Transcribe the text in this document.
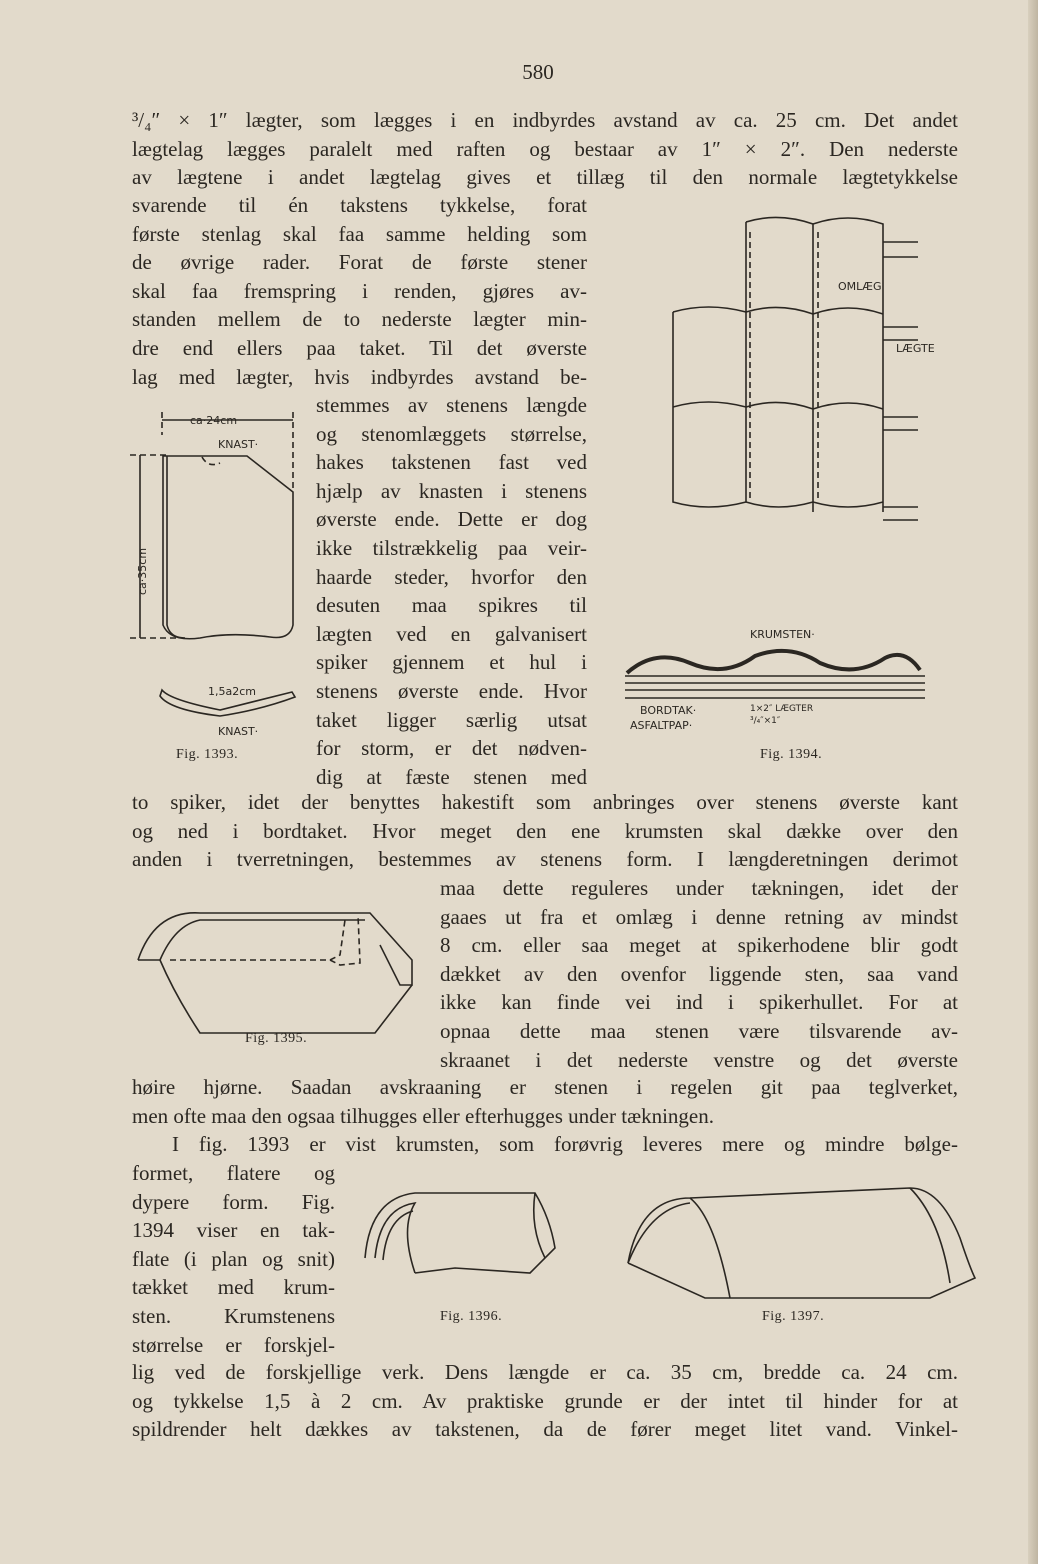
580
³/₄″ × 1″ lægter, som lægges i en indbyrdes avstand av ca. 25 cm. Det andet
lægtelag lægges paralelt med raften og bestaar av 1″ × 2″. Den nederste
av lægtene i andet lægtelag gives et tillæg til den normale lægtetykkelse
svarende til én takstens tykkelse, forat
første stenlag skal faa samme helding som
de øvrige rader. Forat de første stener
skal faa fremspring i renden, gjøres av-
standen mellem de to nederste lægter min-
dre end ellers paa taket. Til det øverste
lag med lægter, hvis indbyrdes avstand be-
stemmes av stenens længde
og stenomlæggets størrelse,
hakes takstenen fast ved
hjælp av knasten i stenens
øverste ende. Dette er dog
ikke tilstrækkelig paa veir-
haarde steder, hvorfor den
desuten maa spikres til
lægten ved en galvanisert
spiker gjennem et hul i
stenens øverste ende. Hvor
taket ligger særlig utsat
for storm, er det nødven-
dig at fæste stenen med
to spiker, idet der benyttes hakestift som anbringes over stenens øverste kant
og ned i bordtaket. Hvor meget den ene krumsten skal dække over den
anden i tverretningen, bestemmes av stenens form. I længderetningen derimot
maa dette reguleres under tækningen, idet der
gaaes ut fra et omlæg i denne retning av mindst
8 cm. eller saa meget at spikerhodene blir godt
dækket av den ovenfor liggende sten, saa vand
ikke kan finde vei ind i spikerhullet. For at
opnaa dette maa stenen være tilsvarende av-
skraanet i det nederste venstre og det øverste
høire hjørne. Saadan avskraaning er stenen i regelen git paa teglverket,
men ofte maa den ogsaa tilhugges eller efterhugges under tækningen.
I fig. 1393 er vist krumsten, som forøvrig leveres mere og mindre bølge-
formet, flatere og
dypere form. Fig.
1394 viser en tak-
flate (i plan og snit)
tækket med krum-
sten. Krumstenens
størrelse er forskjel-
lig ved de forskjellige verk. Dens længde er ca. 35 cm, bredde ca. 24 cm.
og tykkelse 1,5 à 2 cm. Av praktiske grunde er der intet til hinder for at
spildrender helt dækkes av takstenen, da de fører meget litet vand. Vinkel-
ca·24cm
KNAST·
ca·35cm
1,5a2cm
KNAST·
Fig. 1393.
OMLÆG
LÆGTE
KRUMSTEN·
BORDTAK·
ASFALTPAP·
1×2″ LÆGTER
³/₄″×1″
Fig. 1394.
Fig. 1395.
Fig. 1396.	Fig. 1397.
